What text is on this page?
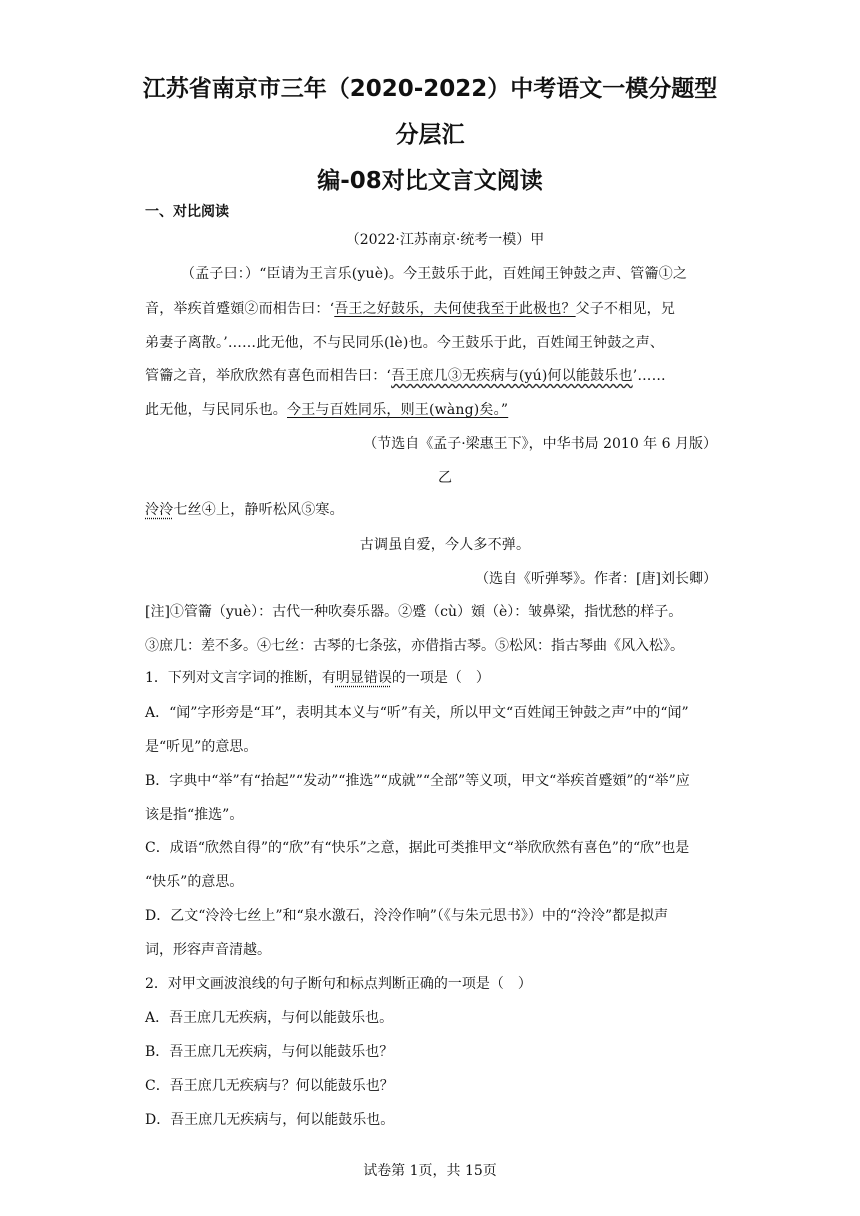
江苏省南京市三年（2020-2022）中考语文一模分题型分层汇
编-08对比文言文阅读
一、对比阅读
（2022·江苏南京·统考一模）甲
（孟子曰：）“臣请为王言乐(yuè)。今王鼓乐于此，百姓闻王钟鼓之声、管籥①之
音，举疾首蹙頞②而相告曰：‘吾王之好鼓乐，夫何使我至于此极也？父子不相见，兄
弟妻子离散。’……此无他，不与民同乐(lè)也。今王鼓乐于此，百姓闻王钟鼓之声、
管籥之音，举欣欣然有喜色而相告曰：‘吾王庶几③无疾病与(yú)何以能鼓乐也’……
此无他，与民同乐也。今王与百姓同乐，则王(wàng)矣。”
（节选自《孟子·梁惠王下》，中华书局 2010 年 6 月版）
乙
泠泠七丝④上，静听松风⑤寒。
古调虽自爱，今人多不弹。
（选自《听弹琴》。作者：[唐]刘长卿）
[注]①管籥（yuè）：古代一种吹奏乐器。②蹙（cù）頞（è）：皱鼻梁，指忧愁的样子。
③庶几：差不多。④七丝：古琴的七条弦，亦借指古琴。⑤松风：指古琴曲《风入松》。
1．下列对文言字词的推断，有明显错误的一项是（　）
A．“闻”字形旁是“耳”，表明其本义与“听”有关，所以甲文“百姓闻王钟鼓之声”中的“闻”
是“听见”的意思。
B．字典中“举”有“抬起”“发动”“推选”“成就”“全部”等义项，甲文“举疾首蹙頞”的“举”应
该是指“推选”。
C．成语“欣然自得”的“欣”有“快乐”之意，据此可类推甲文“举欣欣然有喜色”的“欣”也是
“快乐”的意思。
D．乙文“泠泠七丝上”和“泉水激石，泠泠作响”（《与朱元思书》）中的“泠泠”都是拟声
词，形容声音清越。
2．对甲文画波浪线的句子断句和标点判断正确的一项是（　）
A．吾王庶几无疾病，与何以能鼓乐也。
B．吾王庶几无疾病，与何以能鼓乐也？
C．吾王庶几无疾病与？何以能鼓乐也？
D．吾王庶几无疾病与，何以能鼓乐也。
试卷第 1页，共 15页
